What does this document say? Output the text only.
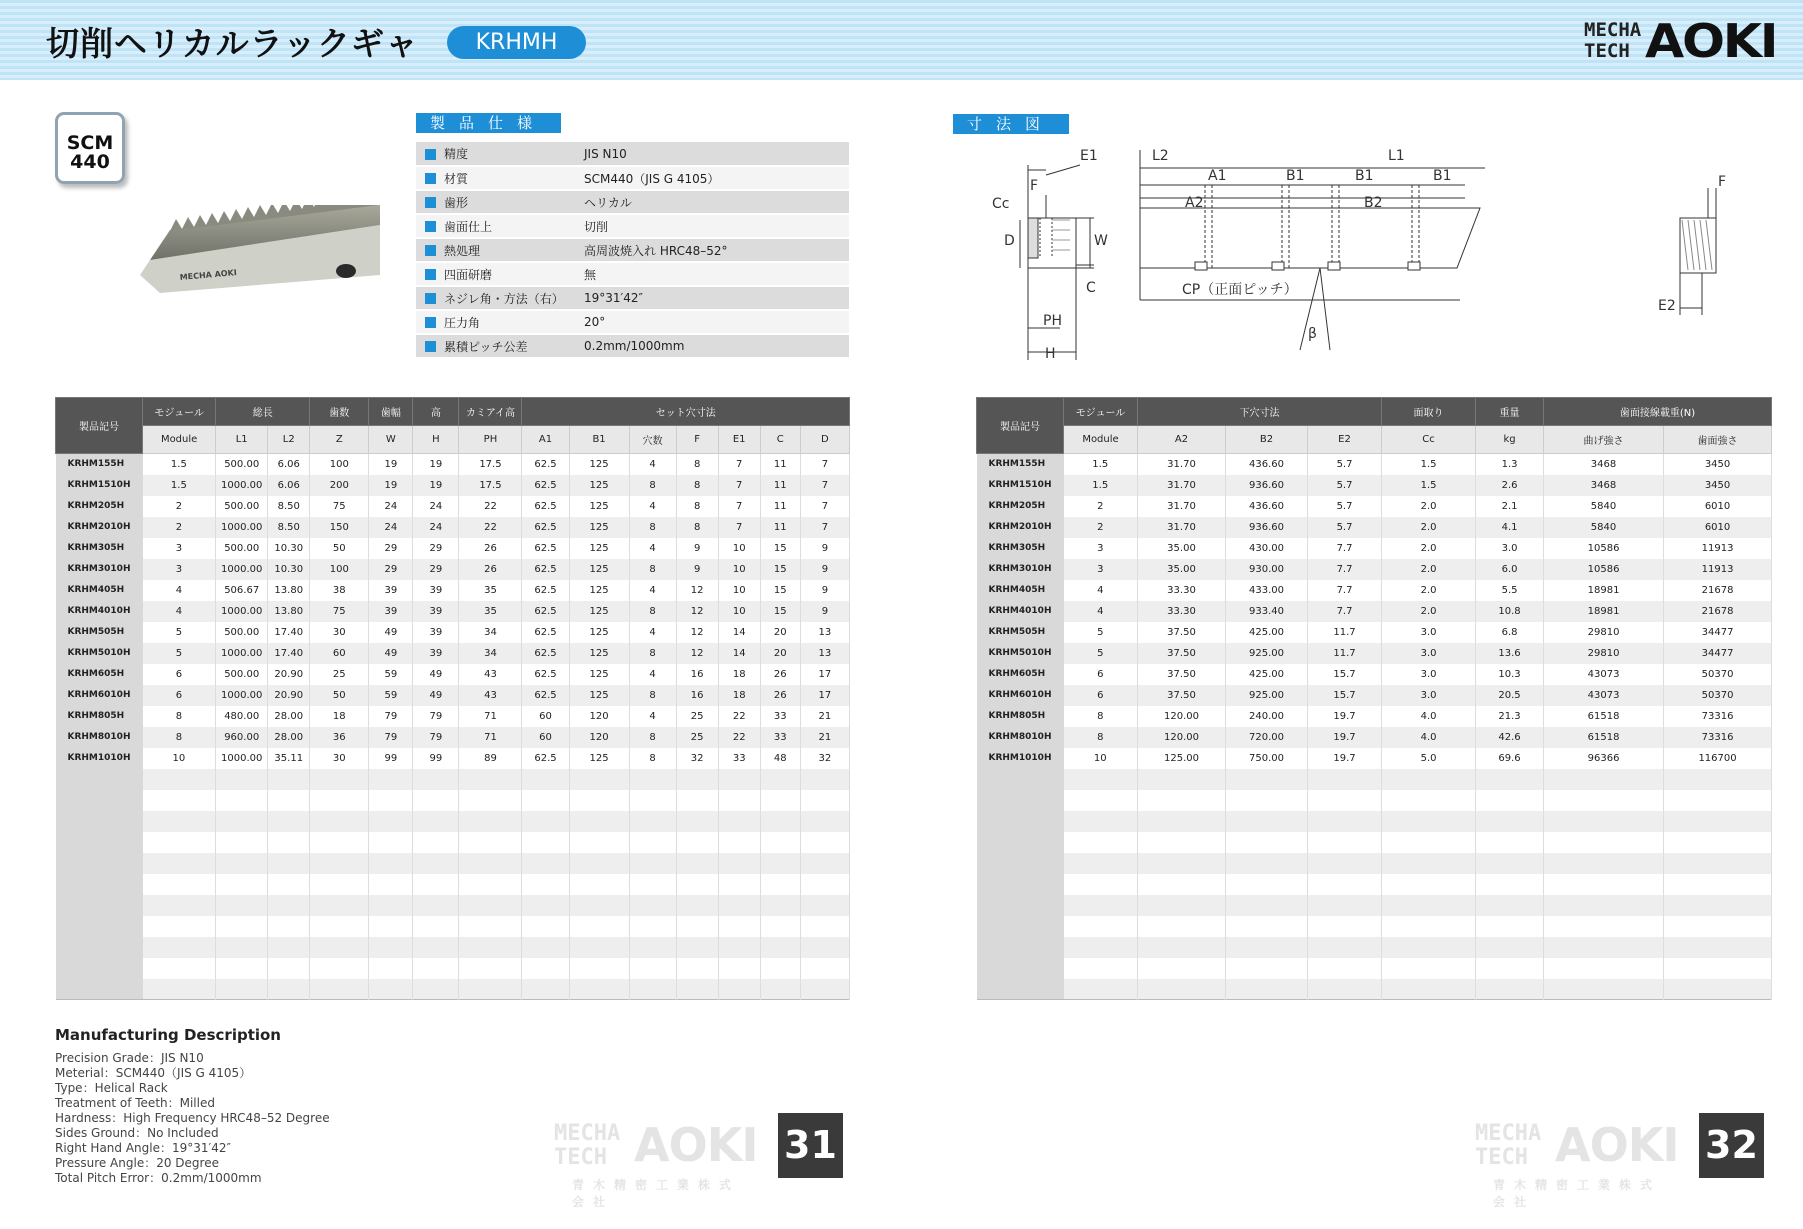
切削ヘリカルラックギャ	KRHMH	MECHA
TECH AOKI
SCM
440
MECHA AOKI
製品仕様
	精度	JIS N10
	材質	SCM440（JIS G 4105）
	歯形	ヘリカル
	歯面仕上	切削
	熱処理	高周波焼入れ HRC48–52°
	四面研磨	無
	ネジレ角・方法（右）	19°31′42″
	圧力角	20°
	累積ピッチ公差	0.2mm/1000mm
寸法図
E1
F
Cc
D	W
C
PH
H
L2	L1
A1	B1	B1	B1
A2	B2
CP（正面ピッチ）
β
F
E2
製品記号	モジュール	総長		歯数	歯幅	高	カミアイ高	セット穴寸法						
	Module	L1	L2	Z	W	H	PH	A1	B1	穴数	F	E1	C	D
KRHM155H	1.5	500.00	6.06	100	19	19	17.5	62.5	125	4	8	7	11	7
KRHM1510H	1.5	1000.00	6.06	200	19	19	17.5	62.5	125	8	8	7	11	7
KRHM205H	2	500.00	8.50	75	24	24	22	62.5	125	4	8	7	11	7
KRHM2010H	2	1000.00	8.50	150	24	24	22	62.5	125	8	8	7	11	7
KRHM305H	3	500.00	10.30	50	29	29	26	62.5	125	4	9	10	15	9
KRHM3010H	3	1000.00	10.30	100	29	29	26	62.5	125	8	9	10	15	9
KRHM405H	4	506.67	13.80	38	39	39	35	62.5	125	4	12	10	15	9
KRHM4010H	4	1000.00	13.80	75	39	39	35	62.5	125	8	12	10	15	9
KRHM505H	5	500.00	17.40	30	49	39	34	62.5	125	4	12	14	20	13
KRHM5010H	5	1000.00	17.40	60	49	39	34	62.5	125	8	12	14	20	13
KRHM605H	6	500.00	20.90	25	59	49	43	62.5	125	4	16	18	26	17
KRHM6010H	6	1000.00	20.90	50	59	49	43	62.5	125	8	16	18	26	17
KRHM805H	8	480.00	28.00	18	79	79	71	60	120	4	25	22	33	21
KRHM8010H	8	960.00	28.00	36	79	79	71	60	120	8	25	22	33	21
KRHM1010H	10	1000.00	35.11	30	99	99	89	62.5	125	8	32	33	48	32

製品記号	モジュール	下穴寸法			面取り	重量	歯面接線載重(N)	
	Module	A2	B2	E2	Cc	kg	曲げ強さ	歯面強さ
KRHM155H	1.5	31.70	436.60	5.7	1.5	1.3	3468	3450
KRHM1510H	1.5	31.70	936.60	5.7	1.5	2.6	3468	3450
KRHM205H	2	31.70	436.60	5.7	2.0	2.1	5840	6010
KRHM2010H	2	31.70	936.60	5.7	2.0	4.1	5840	6010
KRHM305H	3	35.00	430.00	7.7	2.0	3.0	10586	11913
KRHM3010H	3	35.00	930.00	7.7	2.0	6.0	10586	11913
KRHM405H	4	33.30	433.00	7.7	2.0	5.5	18981	21678
KRHM4010H	4	33.30	933.40	7.7	2.0	10.8	18981	21678
KRHM505H	5	37.50	425.00	11.7	3.0	6.8	29810	34477
KRHM5010H	5	37.50	925.00	11.7	3.0	13.6	29810	34477
KRHM605H	6	37.50	425.00	15.7	3.0	10.3	43073	50370
KRHM6010H	6	37.50	925.00	15.7	3.0	20.5	43073	50370
KRHM805H	8	120.00	240.00	19.7	4.0	21.3	61518	73316
KRHM8010H	8	120.00	720.00	19.7	4.0	42.6	61518	73316
KRHM1010H	10	125.00	750.00	19.7	5.0	69.6	96366	116700

Manufacturing Description
Precision Grade：JIS N10
Meterial：SCM440（JIS G 4105）
Type：Helical Rack
Treatment of Teeth：Milled
Hardness：High Frequency HRC48–52 Degree
Sides Ground：No Included
Right Hand Angle：19°31′42″
Pressure Angle：20 Degree
Total Pitch Error：0.2mm/1000mm
MECHA
TECH AOKI
青木精密工業株式会社
31	MECHA
TECH AOKI
青木精密工業株式会社
32
